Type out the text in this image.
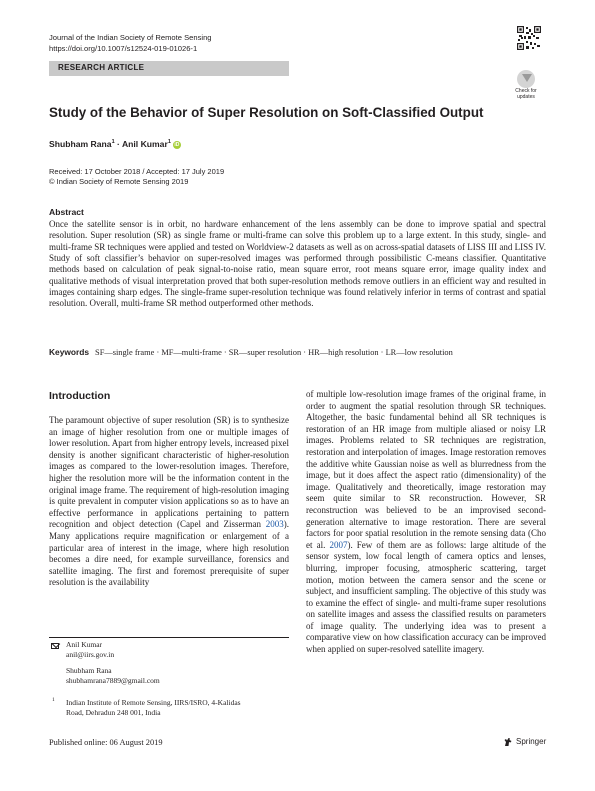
Journal of the Indian Society of Remote Sensing
https://doi.org/10.1007/s12524-019-01026-1
RESEARCH ARTICLE
Check for
updates
Study of the Behavior of Super Resolution on Soft-Classified Output
Shubham Rana$^1$ · Anil Kumar$^1$ iD
Received: 17 October 2018 / Accepted: 17 July 2019
© Indian Society of Remote Sensing 2019
Abstract
Once the satellite sensor is in orbit, no hardware enhancement of the lens assembly can be done to improve spatial and spectral resolution. Super resolution (SR) as single frame or multi-frame can solve this problem up to a large extent. In this study, single- and multi-frame SR techniques were applied and tested on Worldview-2 datasets as well as on across-spatial datasets of LISS III and LISS IV. Study of soft classifier’s behavior on super-resolved images was performed through possibilistic C-means classifier. Quantitative methods based on calculation of peak signal-to-noise ratio, mean square error, root means square error, image quality index and qualitative methods of visual interpretation proved that both super-resolution methods remove outliers in an efficient way and resulted in images containing sharp edges. The single-frame super-resolution technique was found relatively inferior in terms of contrast and spatial resolution. Overall, multi-frame SR method outperformed other methods.
Keywords SF—single frame · MF—multi-frame · SR—super resolution · HR—high resolution · LR—low resolution
Introduction
The paramount objective of super resolution (SR) is to synthesize an image of higher resolution from one or multiple images of lower resolution. Apart from higher entropy levels, increased pixel density is another significant characteristic of higher-resolution images as compared to the lower-resolution images. Therefore, higher the resolution more will be the information content in the original image frame. The requirement of high-resolution imaging is quite prevalent in computer vision applications so as to have an effective performance in applications pertaining to pattern recognition and object detection (Capel and Zisserman 2003). Many applications require magnification or enlargement of a particular area of interest in the image, where high resolution becomes a dire need, for example surveillance, forensics and satellite imaging. The first and foremost prerequisite of super resolution is the availability
of multiple low-resolution image frames of the original frame, in order to augment the spatial resolution through SR techniques. Altogether, the basic fundamental behind all SR techniques is restoration of an HR image from multiple aliased or noisy LR images. Problems related to SR techniques are registration, restoration and interpolation of images. Image restoration removes the additive white Gaussian noise as well as blurredness from the image, but it does affect the aspect ratio (dimensionality) of the image. Qualitatively and theoretically, image restoration may seem quite similar to SR reconstruction. However, SR reconstruction was believed to be an improvised second-generation alternative to image restoration. There are several factors for poor spatial resolution in the remote sensing data (Cho et al. 2007). Few of them are as follows: large altitude of the sensor system, low focal length of camera optics and lenses, blurring, improper focusing, atmospheric scattering, target motion, motion between the camera sensor and the scene or subject, and insufficient sampling. The objective of this study was to examine the effect of single- and multi-frame super resolutions on satellite images and assess the classified results on parameters of image quality. The underlying idea was to present a comparative view on how classification accuracy can be improved when applied on super-resolved satellite imagery.
Anil Kumar
anil@iirs.gov.in
Shubham Rana
shubhamrana7889@gmail.com
1 Indian Institute of Remote Sensing, IIRS/ISRO, 4-Kalidas
Road, Dehradun 248 001, India
Published online: 06 August 2019	Springer
